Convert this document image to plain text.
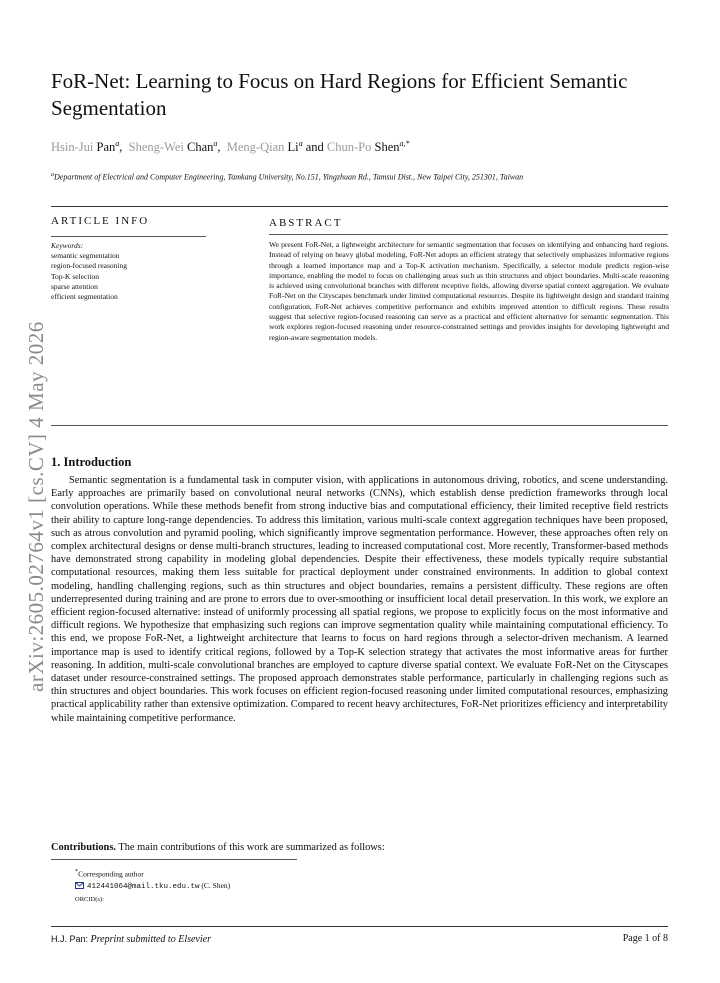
arXiv:2605.02764v1 [cs.CV] 4 May 2026
FoR-Net: Learning to Focus on Hard Regions for Efficient Semantic Segmentation
Hsin-Jui Pan$^a$, Sheng-Wei Chan$^a$, Meng-Qian Li$^a$ and Chun-Po Shen$^{a,*}$
$^a$Department of Electrical and Computer Engineering, Tamkang University, No.151, Yingzhuan Rd., Tamsui Dist., New Taipei City, 251301, Taiwan
ARTICLE INFO	ABSTRACT
Keywords:
semantic segmentation
region-focused reasoning
Top-K selection
sparse attention
efficient segmentation
We present FoR-Net, a lightweight architecture for semantic segmentation that focuses on identifying and enhancing hard regions. Instead of relying on heavy global modeling, FoR-Net adopts an efficient strategy that selectively emphasizes informative regions through a learned importance map and a Top-K activation mechanism. Specifically, a selector module predicts region-wise importance, enabling the model to focus on challenging areas such as thin structures and object boundaries. Multi-scale reasoning is achieved using convolutional branches with different receptive fields, allowing diverse spatial context aggregation. We evaluate FoR-Net on the Cityscapes benchmark under limited computational resources. Despite its lightweight design and standard training configuration, FoR-Net achieves competitive performance and exhibits improved attention to difficult regions. These results suggest that selective region-focused reasoning can serve as a practical and efficient alternative for semantic segmentation. This work explores region-focused reasoning under resource-constrained settings and provides insights for developing lightweight and region-aware segmentation models.
1. Introduction

Semantic segmentation is a fundamental task in computer vision, with applications in autonomous driving, robotics, and scene understanding. Early approaches are primarily based on convolutional neural networks (CNNs), which establish dense prediction frameworks through local convolution operations. While these methods benefit from strong inductive bias and computational efficiency, their limited receptive field restricts their ability to capture long-range dependencies. To address this limitation, various multi-scale context aggregation techniques have been proposed, such as atrous convolution and pyramid pooling, which significantly improve segmentation performance. However, these approaches often rely on complex architectural designs or dense multi-branch structures, leading to increased computational cost. More recently, Transformer-based methods have demonstrated strong capability in modeling global dependencies. Despite their effectiveness, these models typically require substantial computational resources, making them less suitable for practical deployment under constrained environments. In addition to global context modeling, handling challenging regions, such as thin structures and object boundaries, remains a persistent difficulty. These regions are often underrepresented during training and are prone to errors due to over-smoothing or insufficient local detail preservation. In this work, we explore an efficient region-focused alternative: instead of uniformly processing all spatial regions, we propose to explicitly focus on the most informative and difficult regions. We hypothesize that emphasizing such regions can improve segmentation quality while maintaining computational efficiency. To this end, we propose FoR-Net, a lightweight architecture that learns to focus on hard regions through a selector-driven mechanism. A learned importance map is used to identify critical regions, followed by a Top-K selection strategy that activates the most informative areas for further reasoning. In addition, multi-scale convolutional branches are employed to capture diverse spatial context. We evaluate FoR-Net on the Cityscapes dataset under resource-constrained settings. The proposed approach demonstrates stable performance, particularly in challenging regions such as thin structures and object boundaries. This work focuses on efficient region-focused reasoning under limited computational resources, emphasizing practical applicability rather than extensive optimization. Compared to recent heavy architectures, FoR-Net prioritizes efficiency and interpretability while maintaining competitive performance.

Contributions. The main contributions of this work are summarized as follows:
*Corresponding author
412441064@mail.tku.edu.tw (C. Shen)
ORCID(s):
H.J. Pan: Preprint submitted to Elsevier	Page 1 of 8
